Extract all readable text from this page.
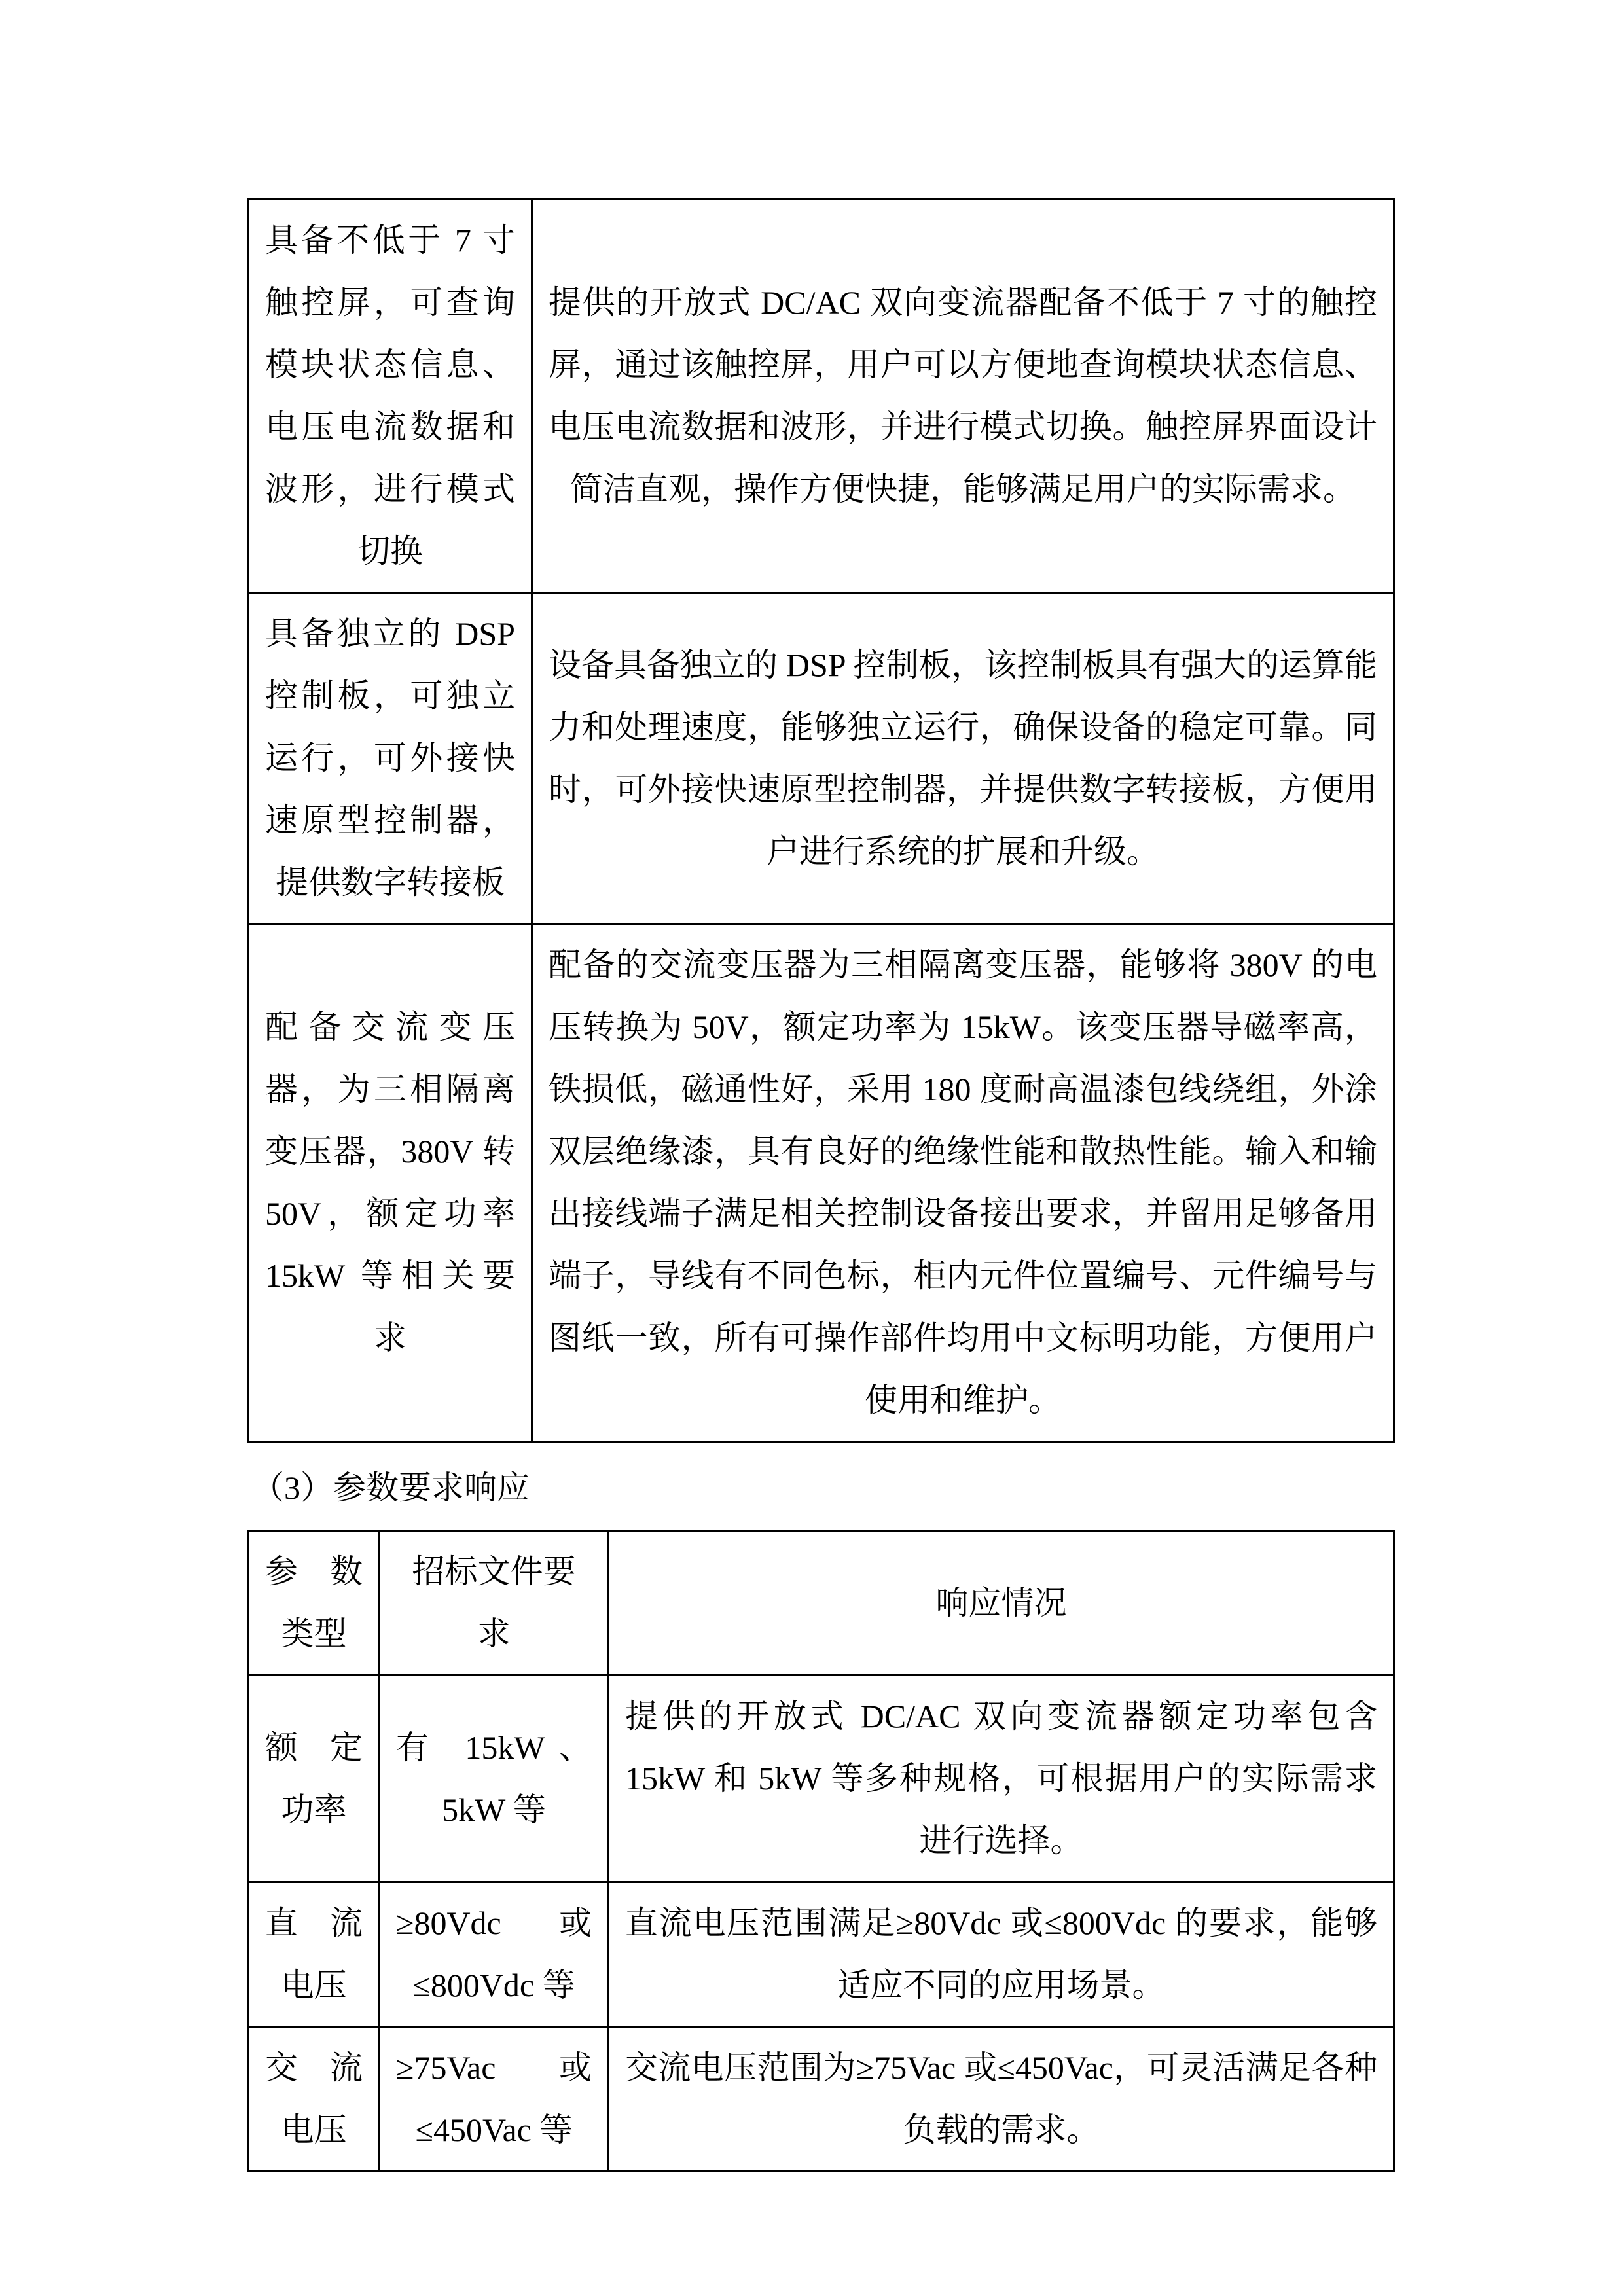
具备不低于 7 寸触控屏，可查询模块状态信息、电压电流数据和波形，进行模式切换	提供的开放式 DC/AC 双向变流器配备不低于 7 寸的触控屏，通过该触控屏，用户可以方便地查询模块状态信息、电压电流数据和波形，并进行模式切换。触控屏界面设计简洁直观，操作方便快捷，能够满足用户的实际需求。
具备独立的 DSP 控制板，可独立运行，可外接快速原型控制器，提供数字转接板	设备具备独立的 DSP 控制板，该控制板具有强大的运算能力和处理速度，能够独立运行，确保设备的稳定可靠。同时，可外接快速原型控制器，并提供数字转接板，方便用户进行系统的扩展和升级。
配备交流变压器，为三相隔离变压器，380V 转 50V，额定功率 15kW 等相关要求	配备的交流变压器为三相隔离变压器，能够将 380V 的电压转换为 50V，额定功率为 15kW。该变压器导磁率高，铁损低，磁通性好，采用 180 度耐高温漆包线绕组，外涂双层绝缘漆，具有良好的绝缘性能和散热性能。输入和输出接线端子满足相关控制设备接出要求，并留用足够备用端子，导线有不同色标，柜内元件位置编号、元件编号与图纸一致，所有可操作部件均用中文标明功能，方便用户使用和维护。
（3）参数要求响应
参数类型	招标文件要求	响应情况
额定功率	有 15kW、5kW 等	提供的开放式 DC/AC 双向变流器额定功率包含 15kW 和 5kW 等多种规格，可根据用户的实际需求进行选择。
直流电压	≥80Vdc 或 ≤800Vdc 等	直流电压范围满足≥80Vdc 或≤800Vdc 的要求，能够适应不同的应用场景。
交流电压	≥75Vac 或 ≤450Vac 等	交流电压范围为≥75Vac 或≤450Vac，可灵活满足各种负载的需求。
